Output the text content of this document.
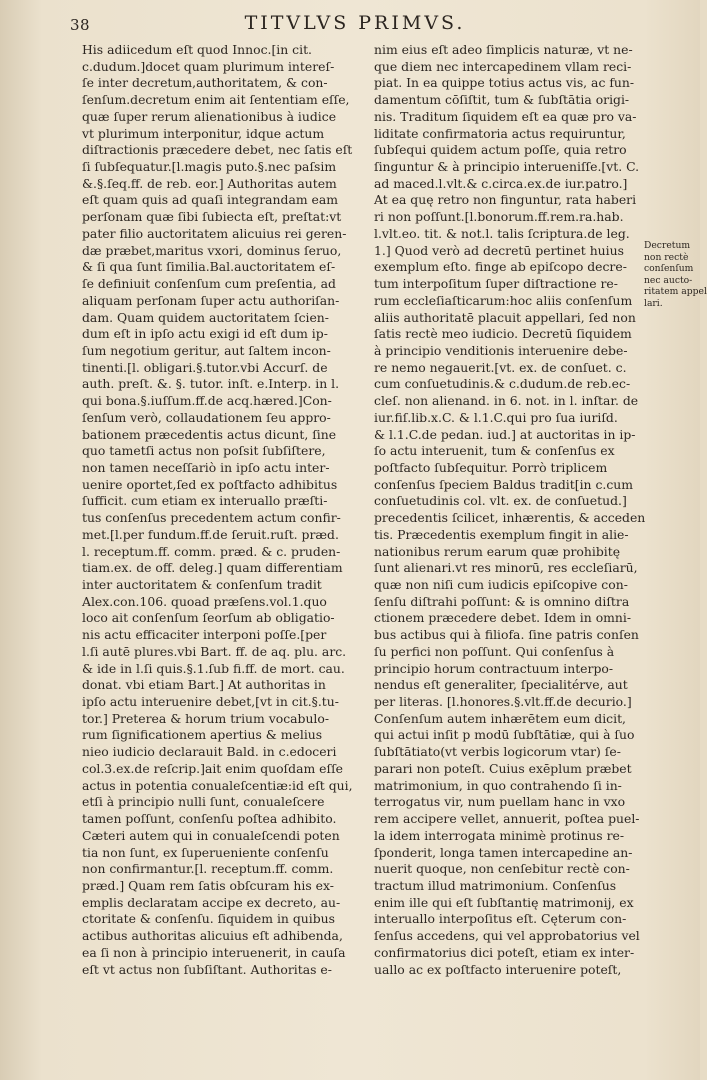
38	TITVLVS PRIMVS.
His adiicedum eſt quod Innoc.[in cit.
c.dudum.]docet quam plurimum intereſ-
ſe inter decretum,authoritatem, & con-
ſenſum.decretum enim ait ſententiam eſſe,
quæ ſuper rerum alienationibus à iudice
vt plurimum interponitur, idque actum
diſtractionis præcedere debet, nec ſatis eſt
ſi ſubſequatur.[l.magis puto.§.nec paſsim
&.§.ſeq.ff. de reb. eor.] Authoritas autem
eſt quam quis ad quaſi integrandam eam
perſonam quæ ſibi ſubiecta eſt, preſtat:vt
pater filio auctoritatem alicuius rei geren-
dæ præbet,maritus vxori, dominus ſeruo,
& ſi qua ſunt ſimilia.Bal.auctoritatem eſ-
ſe definiuit conſenſum cum preſentia, ad
aliquam perſonam ſuper actu authoriſan-
dam. Quam quidem auctoritatem ſcien-
dum eſt in ipſo actu exigi id eſt dum ip-
ſum negotium geritur, aut ſaltem incon-
tinenti.[l. obligari.§.tutor.vbi Accurſ. de
auth. preſt. &. §. tutor. inſt. e.Interp. in l.
qui bona.§.iuſſum.ff.de acq.hæred.]Con-
ſenſum verò, collaudationem ſeu appro-
bationem præcedentis actus dicunt, ſine
quo tametſi actus non poſsit ſubſiſtere,
non tamen neceſſariò in ipſo actu inter-
uenire oportet,ſed ex poſtfacto adhibitus
ſufficit. cum etiam ex interuallo præſti-
tus conſenſus precedentem actum confir-
met.[l.per fundum.ff.de ſeruit.ruſt. præd.
l. receptum.ff. comm. præd. & c. pruden-
tiam.ex. de off. deleg.] quam differentiam
inter auctoritatem & conſenſum tradit
Alex.con.106. quoad præſens.vol.1.quo
loco ait conſenſum ſeorſum ab obligatio-
nis actu efficaciter interponi poſſe.[per
l.ſi autē plures.vbi Bart. ff. de aq. plu. arc.
& ide in l.ſi quis.§.1.ſub fi.ff. de mort. cau.
donat. vbi etiam Bart.] At authoritas in
ipſo actu interuenire debet,[vt in cit.§.tu-
tor.] Preterea & horum trium vocabulo-
rum ſignificationem apertius & melius
nieo iudicio declarauit Bald. in c.edoceri
col.3.ex.de reſcrip.]ait enim quoſdam eſſe
actus in potentia conualeſcentiæ:id eſt qui,
etſi à principio nulli ſunt, conualeſcere
tamen poſſunt, conſenſu poſtea adhibito.
Cæteri autem qui in conualeſcendi poten
tia non ſunt, ex ſuperueniente conſenſu
non confirmantur.[l. receptum.ff. comm.
præd.] Quam rem ſatis obſcuram his ex-
emplis declaratam accipe ex decreto, au-
ctoritate & conſenſu. ſiquidem in quibus
actibus authoritas alicuius eſt adhibenda,
ea ſi non à principio interuenerit, in cauſa
eſt vt actus non ſubſiſtant. Authoritas e-
nim eius eſt adeo ſimplicis naturæ, vt ne-
que diem nec intercapedinem vllam reci-
piat. In ea quippe totius actus vis, ac fun-
damentum cōſiſtit, tum & ſubſtātia origi-
nis. Traditum ſiquidem eſt ea quæ pro va-
liditate confirmatoria actus requiruntur,
ſubſequi quidem actum poſſe, quia retro
ſinguntur & à principio interueniſſe.[vt. C.
ad maced.l.vlt.& c.circa.ex.de iur.patro.]
At ea quę retro non finguntur, rata haberi
ri non poſſunt.[l.bonorum.ff.rem.ra.hab.
l.vlt.eo. tit. & not.l. talis ſcriptura.de leg.
1.] Quod verò ad decretū pertinet huius
exemplum eſto. finge ab epiſcopo decre-
tum interpoſitum ſuper diſtractione re-
rum eccleſiaſticarum:hoc aliis conſenſum
aliis authoritatē placuit appellari, ſed non
ſatis rectè meo iudicio. Decretū ſiquidem
à principio venditionis interuenire debe-
re nemo negauerit.[vt. ex. de conſuet. c.
cum conſuetudinis.& c.dudum.de reb.ec-
cleſ. non alienand. in 6. not. in l. inſtar. de
iur.fiſ.lib.x.C. & l.1.C.qui pro ſua iuriſd.
& l.1.C.de pedan. iud.] at auctoritas in ip-
ſo actu interuenit, tum & conſenſus ex
poſtfacto ſubſequitur. Porrò triplicem
conſenſus ſpeciem Baldus tradit[in c.cum
conſuetudinis col. vlt. ex. de conſuetud.]
precedentis ſcilicet, inhærentis, & acceden
tis. Præcedentis exemplum fingit in alie-
nationibus rerum earum quæ prohibitę
ſunt alienari.vt res minorū, res eccleſiarū,
quæ non niſi cum iudicis epiſcopive con-
ſenſu diſtrahi poſſunt: & is omnino diſtra
ctionem præcedere debet. Idem in omni-
bus actibus qui à filiofa. ſine patris conſen
ſu perfici non poſſunt. Qui conſenſus à
principio horum contractuum interpo-
nendus eſt generaliter, ſpecialitérve, aut
per literas. [l.honores.§.vlt.ff.de decurio.]
Conſenſum autem inhærētem eum dicit,
qui actui inſit p modū ſubſtātiæ, qui à ſuo
ſubſtātiato(vt verbis logicorum vtar) ſe-
parari non poteſt. Cuius exēplum præbet
matrimonium, in quo contrahendo ſi in-
terrogatus vir, num puellam hanc in vxo
rem accipere vellet, annuerit, poſtea puel-
la idem interrogata minimè protinus re-
ſponderit, longa tamen intercapedine an-
nuerit quoque, non cenſebitur rectè con-
tractum illud matrimonium. Conſenſus
enim ille qui eſt ſubſtantię matrimonij, ex
interuallo interpoſitus eſt. Cęterum con-
ſenſus accedens, qui vel approbatorius vel
confirmatorius dici poteſt, etiam ex inter-
uallo ac ex poſtfacto interuenire poteſt,
Decretum
non rectè
conſenſum
nec aucto-
ritatem appel
lari.
